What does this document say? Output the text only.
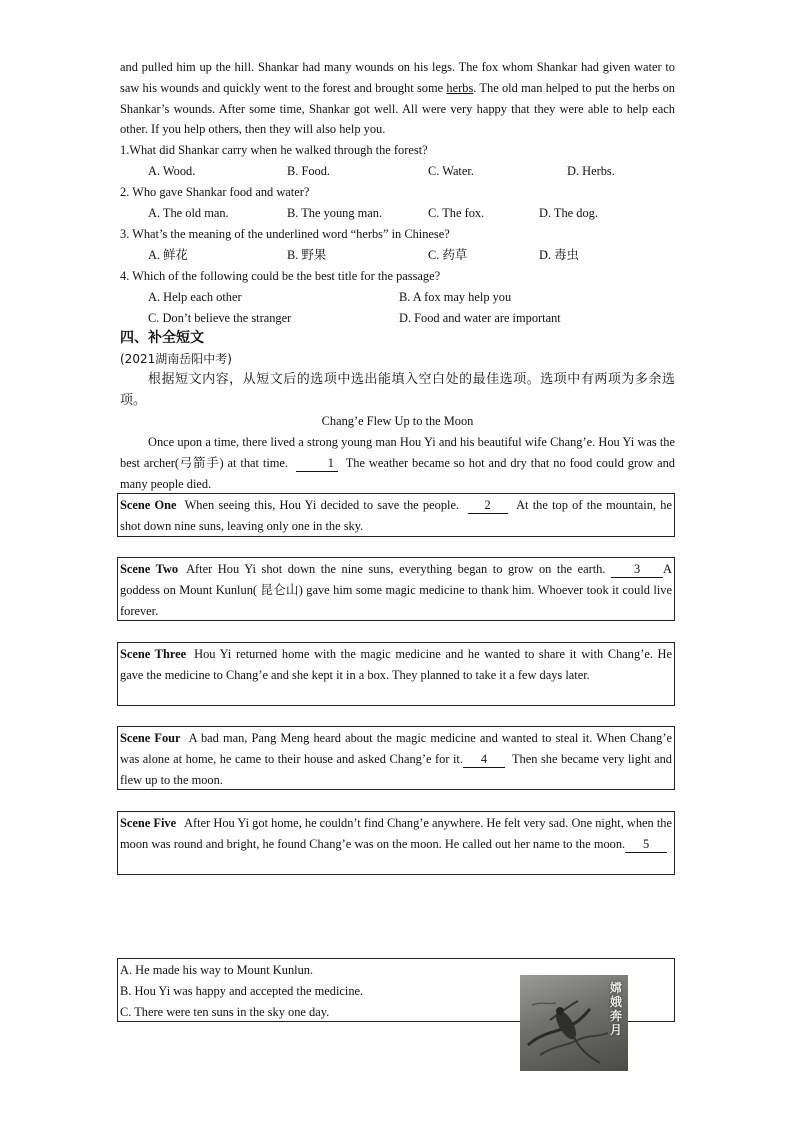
and pulled him up the hill. Shankar had many wounds on his legs. The fox whom Shankar had given water to saw his wounds and quickly went to the forest and brought some herbs. The old man helped to put the herbs on Shankar’s wounds. After some time, Shankar got well. All were very happy that they were able to help each other. If you help others, then they will also help you.
1.What did Shankar carry when he walked through the forest?
A. Wood.	B. Food.	C. Water.	D. Herbs.
2. Who gave Shankar food and water?
A. The old man.	B. The young man.	C. The fox.	D. The dog.
3. What’s the meaning of the underlined word “herbs” in Chinese?
A. 鲜花	B. 野果	C. 药草	D. 毒虫
4. Which of the following could be the best title for the passage?
A. Help each other	B. A fox may help you
C. Don’t believe the stranger	D. Food and water are important
四、补全短文
(2021湖南岳阳中考)
根据短文内容，从短文后的选项中选出能填入空白处的最佳选项。选项中有两项为多余选项。
Chang’e Flew Up to the Moon
Once upon a time, there lived a strong young man Hou Yi and his beautiful wife Chang’e. Hou Yi was the best archer(弓箭手) at that time.	1 The weather became so hot and dry that no food could grow and many people died.
Scene One When seeing this, Hou Yi decided to save the people. 2 At the top of the mountain, he shot down nine suns, leaving only one in the sky.
Scene Two After Hou Yi shot down the nine suns, everything began to grow on the earth. 3 A goddess on Mount Kunlun( 昆仑山) gave him some magic medicine to thank him. Whoever took it could live forever.
Scene Three Hou Yi returned home with the magic medicine and he wanted to share it with Chang’e. He gave the medicine to Chang’e and she kept it in a box. They planned to take it a few days later.
Scene Four A bad man, Pang Meng heard about the magic medicine and wanted to steal it. When Chang’e was alone at home, he came to their house and asked Chang’e for it. 4 Then she became very light and flew up to the moon.
Scene Five After Hou Yi got home, he couldn’t find Chang’e anywhere. He felt very sad. One night, when the moon was round and bright, he found Chang’e was on the moon. He called out her name to the moon. 5
A. He made his way to Mount Kunlun.
B. Hou Yi was happy and accepted the medicine.
C. There were ten suns in the sky one day.
嫦娥奔月
